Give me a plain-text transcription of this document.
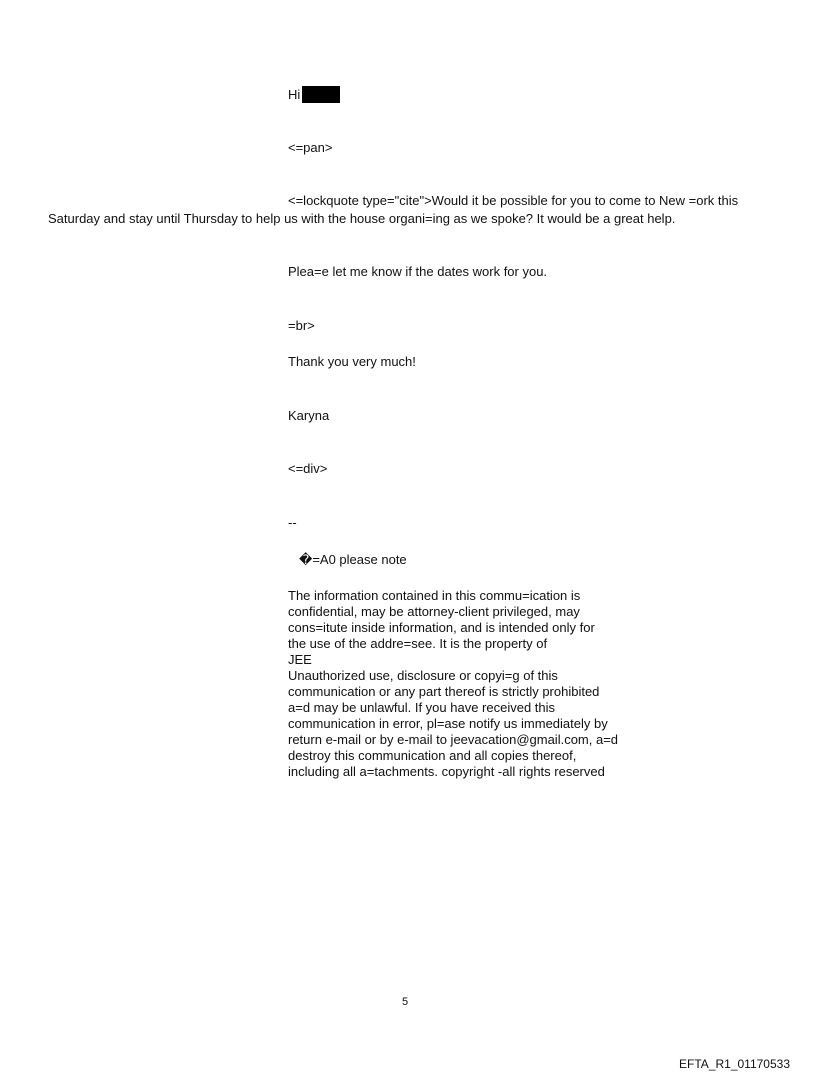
Hi
<=pan>
<=lockquote type="cite">Would it be possible for you to come to New =ork this
Saturday and stay until Thursday to help us with the house organi=ing as we spoke? It would be a great help.
Plea=e let me know if the dates work for you.
=br>
Thank you very much!
Karyna
<=div>
--
�=A0 please note
The information contained in this commu=ication is
confidential, may be attorney-client privileged, may
cons=itute inside information, and is intended only for
the use of the addre=see. It is the property of
JEE
Unauthorized use, disclosure or copyi=g of this
communication or any part thereof is strictly prohibited
a=d may be unlawful. If you have received this
communication in error, pl=ase notify us immediately by
return e-mail or by e-mail to jeevacation@gmail.com, a=d
destroy this communication and all copies thereof,
including all a=tachments. copyright -all rights reserved
5
EFTA_R1_01170533
